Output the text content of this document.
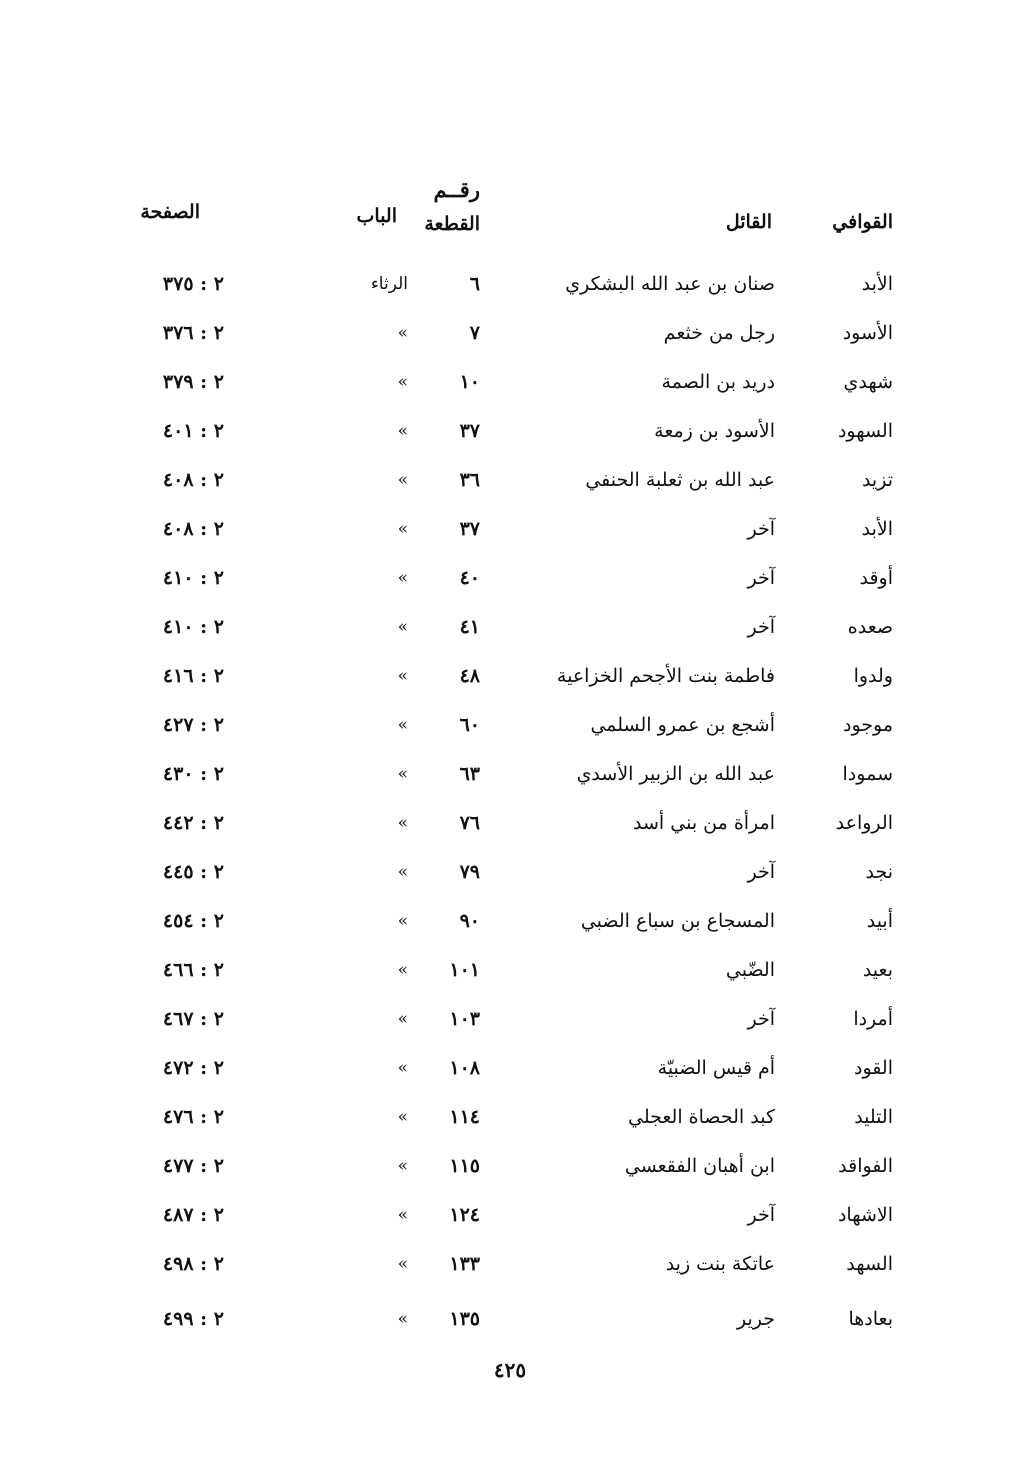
القوافي
القائل
رقــم
القطعة
الباب
الصفحة
الأبد
صنان بن عبد الله البشكري
٦
الرثاء
٢ : ٣٧٥
الأسود
رجل من خثعم
٧
»
٢ : ٣٧٦
شهدي
دريد بن الصمة
١٠
»
٢ : ٣٧٩
السهود
الأسود بن زمعة
٣٧
»
٢ : ٤٠١
تزيد
عبد الله بن ثعلبة الحنفي
٣٦
»
٢ : ٤٠٨
الأبد
آخر
٣٧
»
٢ : ٤٠٨
أوقد
آخر
٤٠
»
٢ : ٤١٠
صعده
آخر
٤١
»
٢ : ٤١٠
ولدوا
فاطمة بنت الأجحم الخزاعية
٤٨
»
٢ : ٤١٦
موجود
أشجع بن عمرو السلمي
٦٠
»
٢ : ٤٢٧
سمودا
عبد الله بن الزبير الأسدي
٦٣
»
٢ : ٤٣٠
الرواعد
امرأة من بني أسد
٧٦
»
٢ : ٤٤٢
نجد
آخر
٧٩
»
٢ : ٤٤٥
أبيد
المسجاع بن سباع الضبي
٩٠
»
٢ : ٤٥٤
بعيد
الضّبي
١٠١
»
٢ : ٤٦٦
أمردا
آخر
١٠٣
»
٢ : ٤٦٧
القود
أم قيس الضبيّة
١٠٨
»
٢ : ٤٧٢
التليد
كبد الحصاة العجلي
١١٤
»
٢ : ٤٧٦
الفواقد
ابن أهبان الفقعسي
١١٥
»
٢ : ٤٧٧
الاشهاد
آخر
١٢٤
»
٢ : ٤٨٧
السهد
عاتكة بنت زيد
١٣٣
»
٢ : ٤٩٨
بعادها
جرير
١٣٥
»
٢ : ٤٩٩
٤٢٥
